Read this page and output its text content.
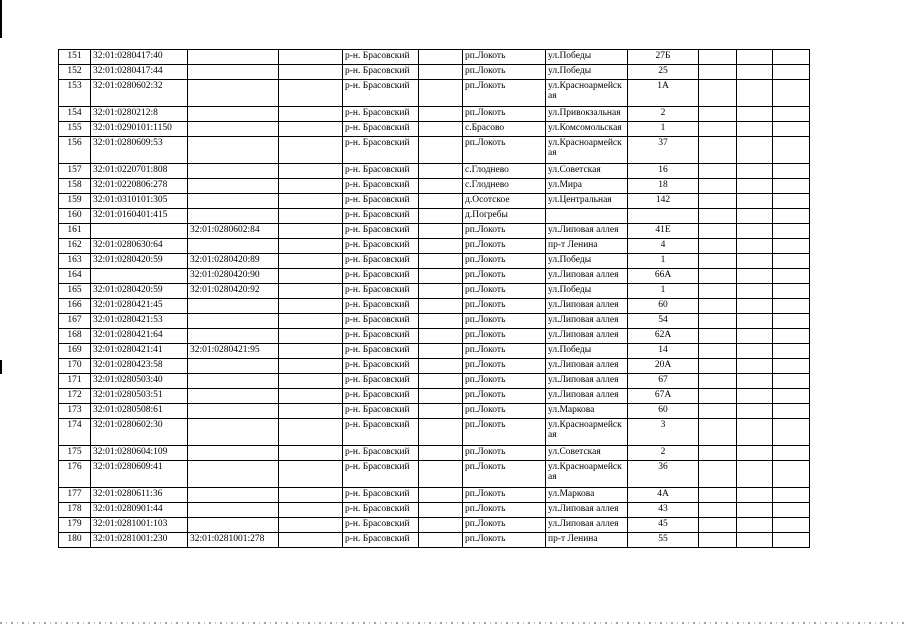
151	32:01:0280417:40			р-н. Брасовский		рп.Локоть	ул.Победы	27Б			
152	32:01:0280417:44			р-н. Брасовский		рп.Локоть	ул.Победы	25			
153	32:01:0280602:32			р-н. Брасовский		рп.Локоть	ул.Красноармейская	1А			
154	32:01:0280212:8			р-н. Брасовский		рп.Локоть	ул.Привокзальная	2			
155	32:01:0290101:1150			р-н. Брасовский		с.Брасово	ул.Комсомольская	1			
156	32:01:0280609:53			р-н. Брасовский		рп.Локоть	ул.Красноармейская	37			
157	32:01:0220701:808			р-н. Брасовский		с.Глоднево	ул.Советская	16			
158	32:01:0220806:278			р-н. Брасовский		с.Глоднево	ул.Мира	18			
159	32:01:0310101:305			р-н. Брасовский		д.Осотское	ул.Центральная	142			
160	32:01:0160401:415			р-н. Брасовский		д.Погребы					
161		32:01:0280602:84		р-н. Брасовский		рп.Локоть	ул.Липовая аллея	41Е			
162	32:01:0280630:64			р-н. Брасовский		рп.Локоть	пр-т Ленина	4			
163	32:01:0280420:59	32:01:0280420:89		р-н. Брасовский		рп.Локоть	ул.Победы	1			
164		32:01:0280420:90		р-н. Брасовский		рп.Локоть	ул.Липовая аллея	66А			
165	32:01:0280420:59	32:01:0280420:92		р-н. Брасовский		рп.Локоть	ул.Победы	1			
166	32:01:0280421:45			р-н. Брасовский		рп.Локоть	ул.Липовая аллея	60			
167	32:01:0280421:53			р-н. Брасовский		рп.Локоть	ул.Липовая аллея	54			
168	32:01:0280421:64			р-н. Брасовский		рп.Локоть	ул.Липовая аллея	62А			
169	32:01:0280421:41	32:01:0280421:95		р-н. Брасовский		рп.Локоть	ул.Победы	14			
170	32:01:0280423:58			р-н. Брасовский		рп.Локоть	ул.Липовая аллея	20А			
171	32:01:0280503:40			р-н. Брасовский		рп.Локоть	ул.Липовая аллея	67			
172	32:01:0280503:51			р-н. Брасовский		рп.Локоть	ул.Липовая аллея	67А			
173	32:01:0280508:61			р-н. Брасовский		рп.Локоть	ул.Маркова	60			
174	32:01:0280602:30			р-н. Брасовский		рп.Локоть	ул.Красноармейская	3			
175	32:01:0280604:109			р-н. Брасовский		рп.Локоть	ул.Советская	2			
176	32:01:0280609:41			р-н. Брасовский		рп.Локоть	ул.Красноармейская	36			
177	32:01:0280611:36			р-н. Брасовский		рп.Локоть	ул.Маркова	4А			
178	32:01:0280901:44			р-н. Брасовский		рп.Локоть	ул.Липовая аллея	43			
179	32:01:0281001:103			р-н. Брасовский		рп.Локоть	ул.Липовая аллея	45			
180	32:01:0281001:230	32:01:0281001:278		р-н. Брасовский		рп.Локоть	пр-т Ленина	55			
